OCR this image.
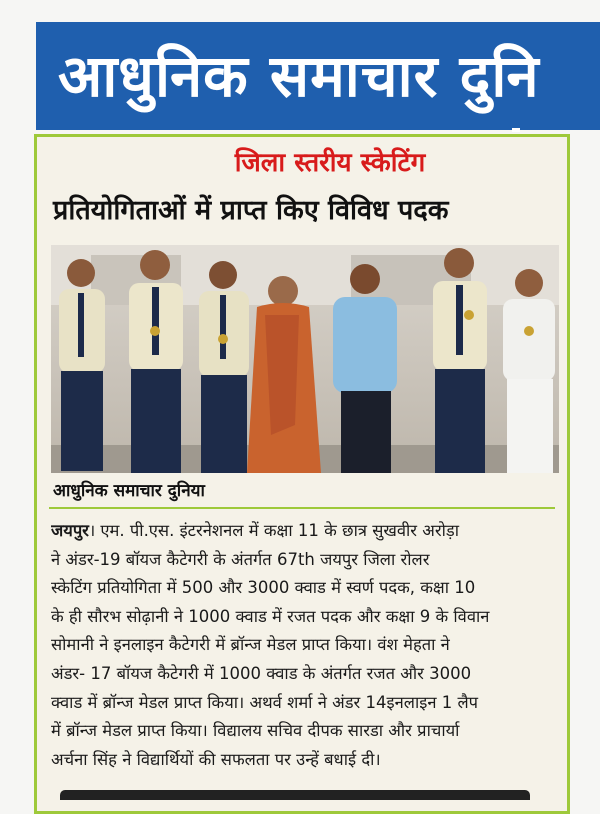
आधुनिक समाचार दुनि
जिला स्तरीय स्केटिंग
प्रतियोगिताओं में प्राप्त किए विविध पदक
आधुनिक समाचार दुनिया
जयपुर। एम. पी.एस. इंटरनेशनल में कक्षा 11 के छात्र सुखवीर अरोड़ा
ने अंडर-19 बॉयज कैटेगरी के अंतर्गत 67th जयपुर जिला रोलर
स्केटिंग प्रतियोगिता में 500 और 3000 क्वाड में स्वर्ण पदक, कक्षा 10
के ही सौरभ सोढ़ानी ने 1000 क्वाड में रजत पदक और कक्षा 9 के विवान
सोमानी ने इनलाइन कैटेगरी में ब्रॉन्ज मेडल प्राप्त किया। वंश मेहता ने
अंडर- 17 बॉयज कैटेगरी में 1000 क्वाड के अंतर्गत रजत और 3000
क्वाड में ब्रॉन्ज मेडल प्राप्त किया। अथर्व शर्मा ने अंडर 14इनलाइन 1 लैप
में ब्रॉन्ज मेडल प्राप्त किया। विद्यालय सचिव दीपक सारडा और प्राचार्या
अर्चना सिंह ने विद्यार्थियों की सफलता पर उन्हें बधाई दी।
